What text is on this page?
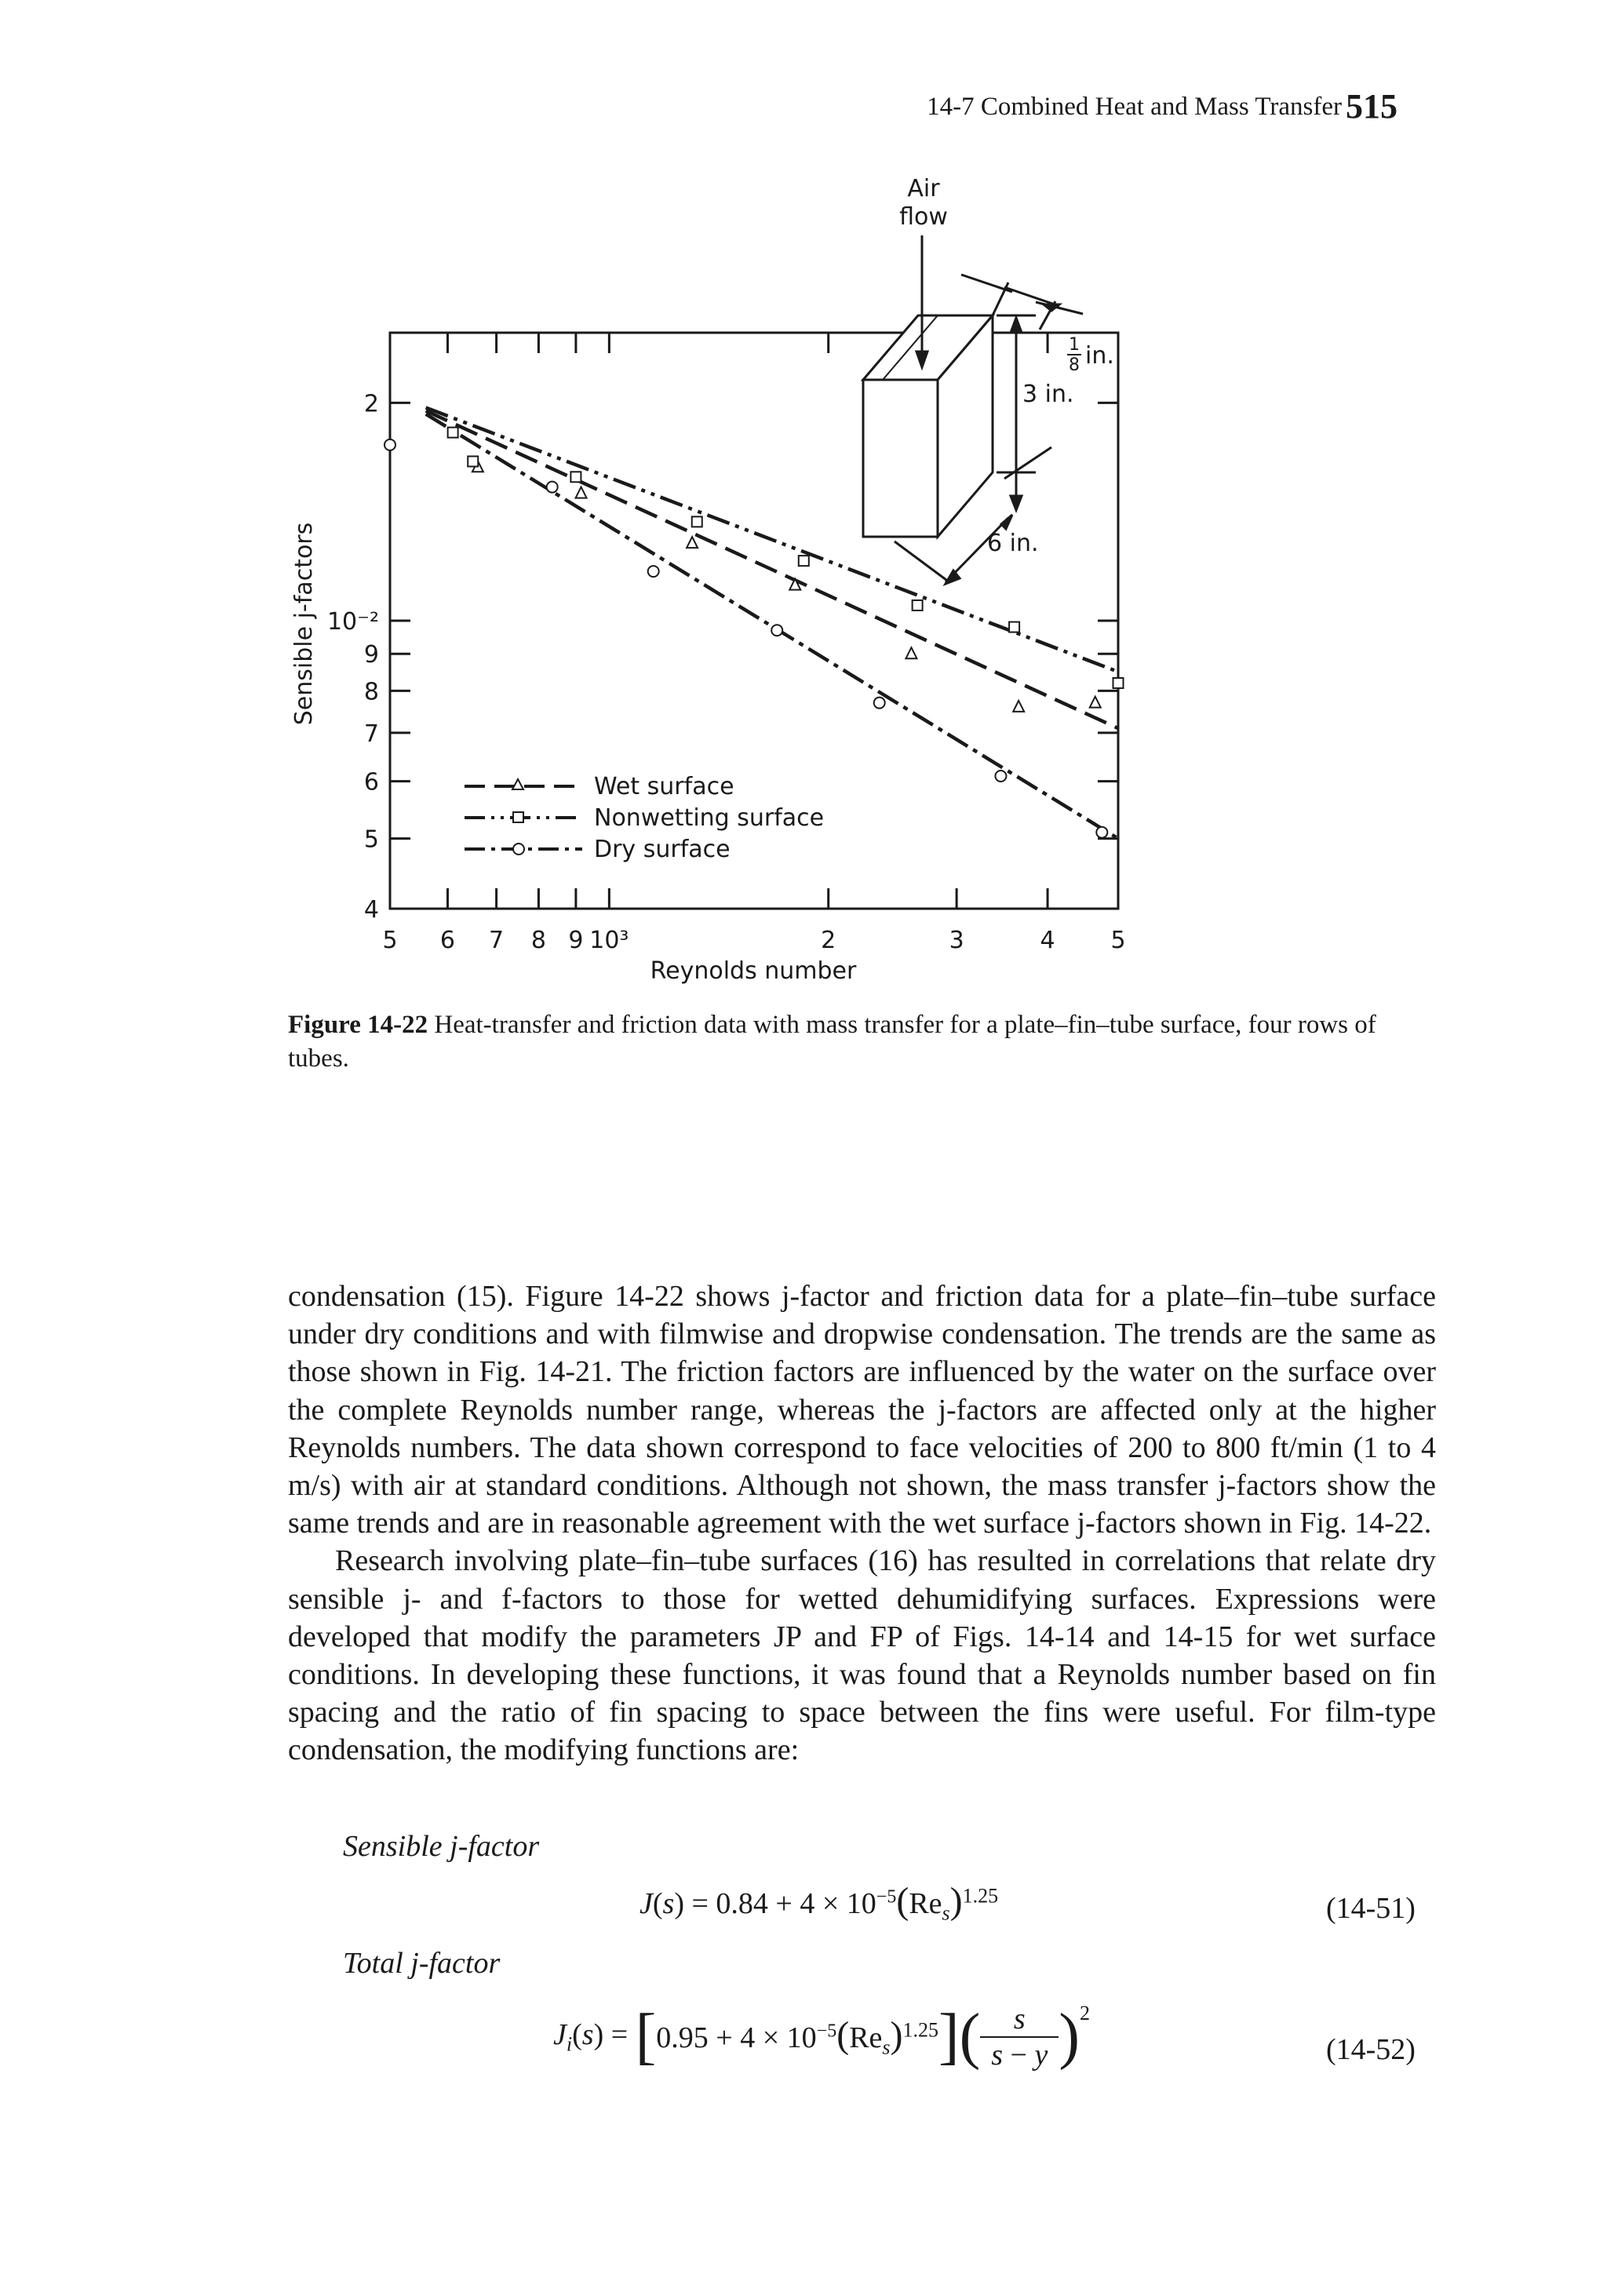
14-7 Combined Heat and Mass Transfer 515
5 6 7 8 9 10³	2	3	4 5
4
5
6
7
8
9
10⁻²
2
Reynolds number
Sensible j-factors
Wet surface
Nonwetting surface
Dry surface
Air
flow
1
8 in.
3 in.
6 in.
Figure 14-22 Heat-transfer and friction data with mass transfer for a plate–fin–tube surface, four rows of tubes.

condensation (15). Figure 14-22 shows j-factor and friction data for a plate–fin–tube surface under dry conditions and with filmwise and dropwise condensation. The trends are the same as those shown in Fig. 14-21. The friction factors are influenced by the water on the surface over the complete Reynolds number range, whereas the j-factors are affected only at the higher Reynolds numbers. The data shown correspond to face velocities of 200 to 800 ft/min (1 to 4 m/s) with air at standard conditions. Although not shown, the mass transfer j-factors show the same trends and are in reasonable agreement with the wet surface j-factors shown in Fig. 14-22.

Research involving plate–fin–tube surfaces (16) has resulted in correlations that relate dry sensible j- and f-factors to those for wetted dehumidifying surfaces. Expressions were developed that modify the parameters JP and FP of Figs. 14-14 and 14-15 for wet surface conditions. In developing these functions, it was found that a Reynolds number based on fin spacing and the ratio of fin spacing to space between the fins were useful. For film-type condensation, the modifying functions are:

Sensible j-factor
$J(s) = 0.84 + 4 \times 10^{-5}(Re_s)^{1.25}$	(14-51)
Total j-factor
$J_i(s) = [0.95 + 4 \times 10^{-5}(Re_s)^{1.25}](\frac{s}{s - y} )^2$
(14-52)
